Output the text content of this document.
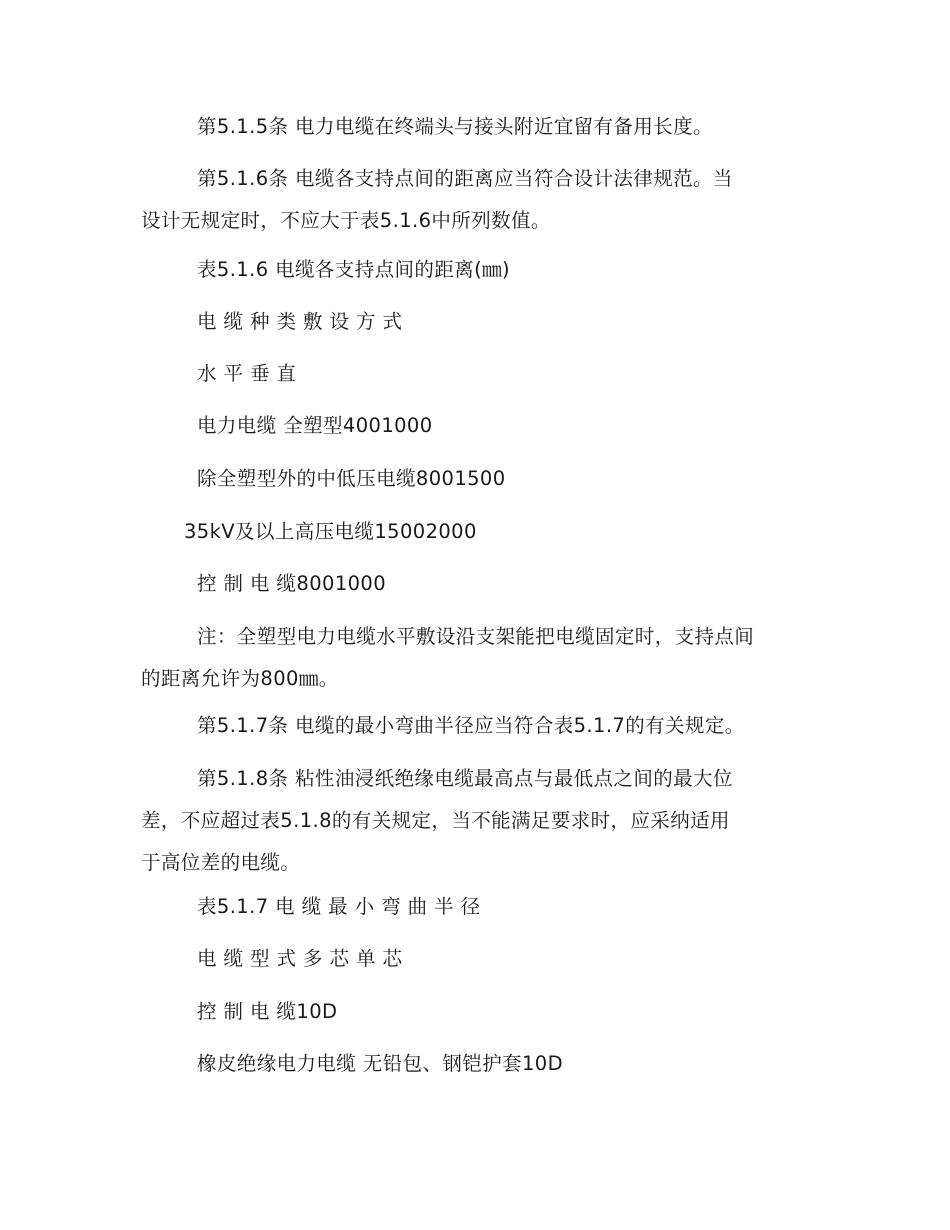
第5.1.5条 电力电缆在终端头与接头附近宜留有备用长度。

第5.1.6条 电缆各支持点间的距离应当符合设计法律规范。当
设计无规定时，不应大于表5.1.6中所列数值。

表5.1.6 电缆各支持点间的距离(㎜)

电 缆 种 类 敷 设 方 式

水 平 垂 直

电力电缆 全塑型4001000

除全塑型外的中低压电缆8001500

35kV及以上高压电缆15002000

控 制 电 缆8001000

注：全塑型电力电缆水平敷设沿支架能把电缆固定时，支持点间
的距离允许为800㎜。

第5.1.7条 电缆的最小弯曲半径应当符合表5.1.7的有关规定。

第5.1.8条 粘性油浸纸绝缘电缆最高点与最低点之间的最大位
差，不应超过表5.1.8的有关规定，当不能满足要求时，应采纳适用
于高位差的电缆。

表5.1.7 电 缆 最 小 弯 曲 半 径

电 缆 型 式 多 芯 单 芯

控 制 电 缆10D

橡皮绝缘电力电缆 无铅包、钢铠护套10D
